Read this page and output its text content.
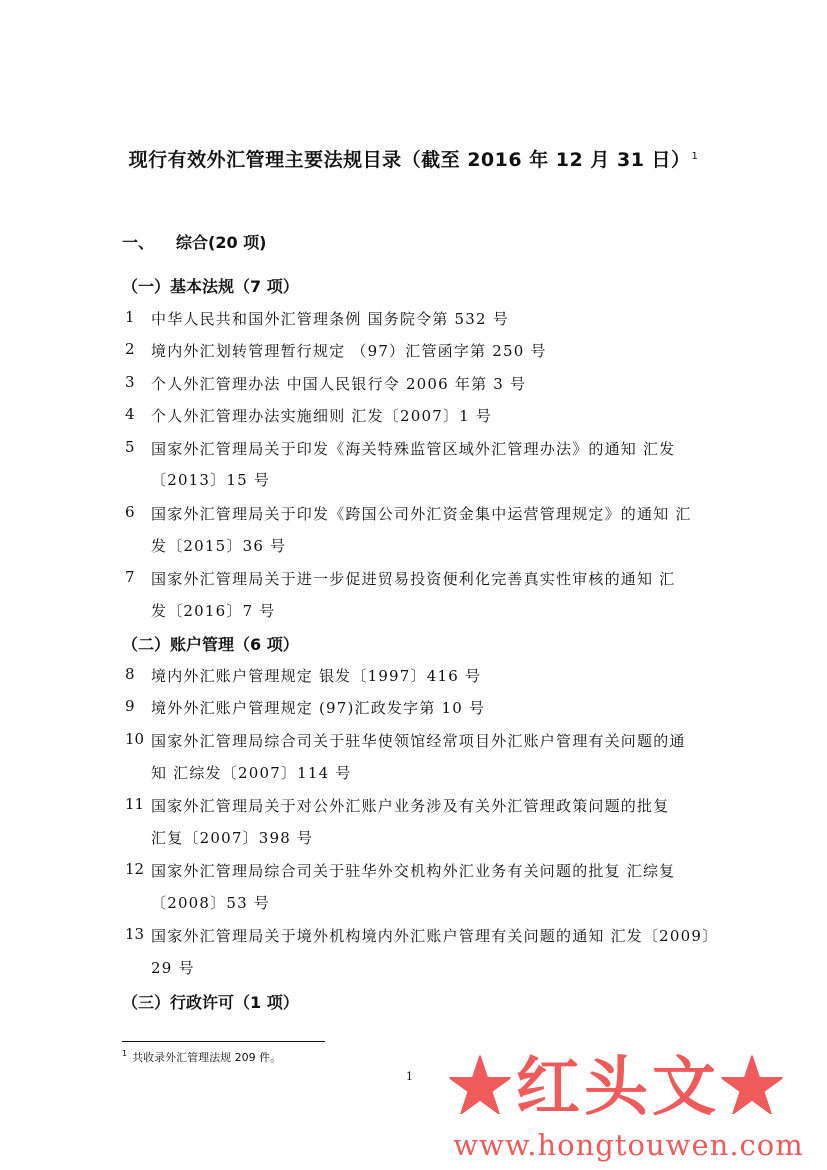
现行有效外汇管理主要法规目录（截至 2016 年 12 月 31 日）$^1$
一、 综合(20 项)
（一）基本法规（7 项）
1 中华人民共和国外汇管理条例 国务院令第 532 号
2 境内外汇划转管理暂行规定 （97）汇管函字第 250 号
3 个人外汇管理办法 中国人民银行令 2006 年第 3 号
4 个人外汇管理办法实施细则 汇发〔2007〕1 号
5 国家外汇管理局关于印发《海关特殊监管区域外汇管理办法》的通知 汇发
〔2013〕15 号
6 国家外汇管理局关于印发《跨国公司外汇资金集中运营管理规定》的通知 汇
发〔2015〕36 号
7 国家外汇管理局关于进一步促进贸易投资便利化完善真实性审核的通知 汇
发〔2016〕7 号
（二）账户管理（6 项）
8 境内外汇账户管理规定 银发〔1997〕416 号
9 境外外汇账户管理规定 (97)汇政发字第 10 号
10 国家外汇管理局综合司关于驻华使领馆经常项目外汇账户管理有关问题的通
知 汇综发〔2007〕114 号
11 国家外汇管理局关于对公外汇账户业务涉及有关外汇管理政策问题的批复
汇复〔2007〕398 号
12 国家外汇管理局综合司关于驻华外交机构外汇业务有关问题的批复 汇综复
〔2008〕53 号
13 国家外汇管理局关于境外机构境内外汇账户管理有关问题的通知 汇发〔2009〕
29 号
（三）行政许可（1 项）
$^1$ 共收录外汇管理法规 209 件。
1 ★红头文★
www.hongtouwen.com
